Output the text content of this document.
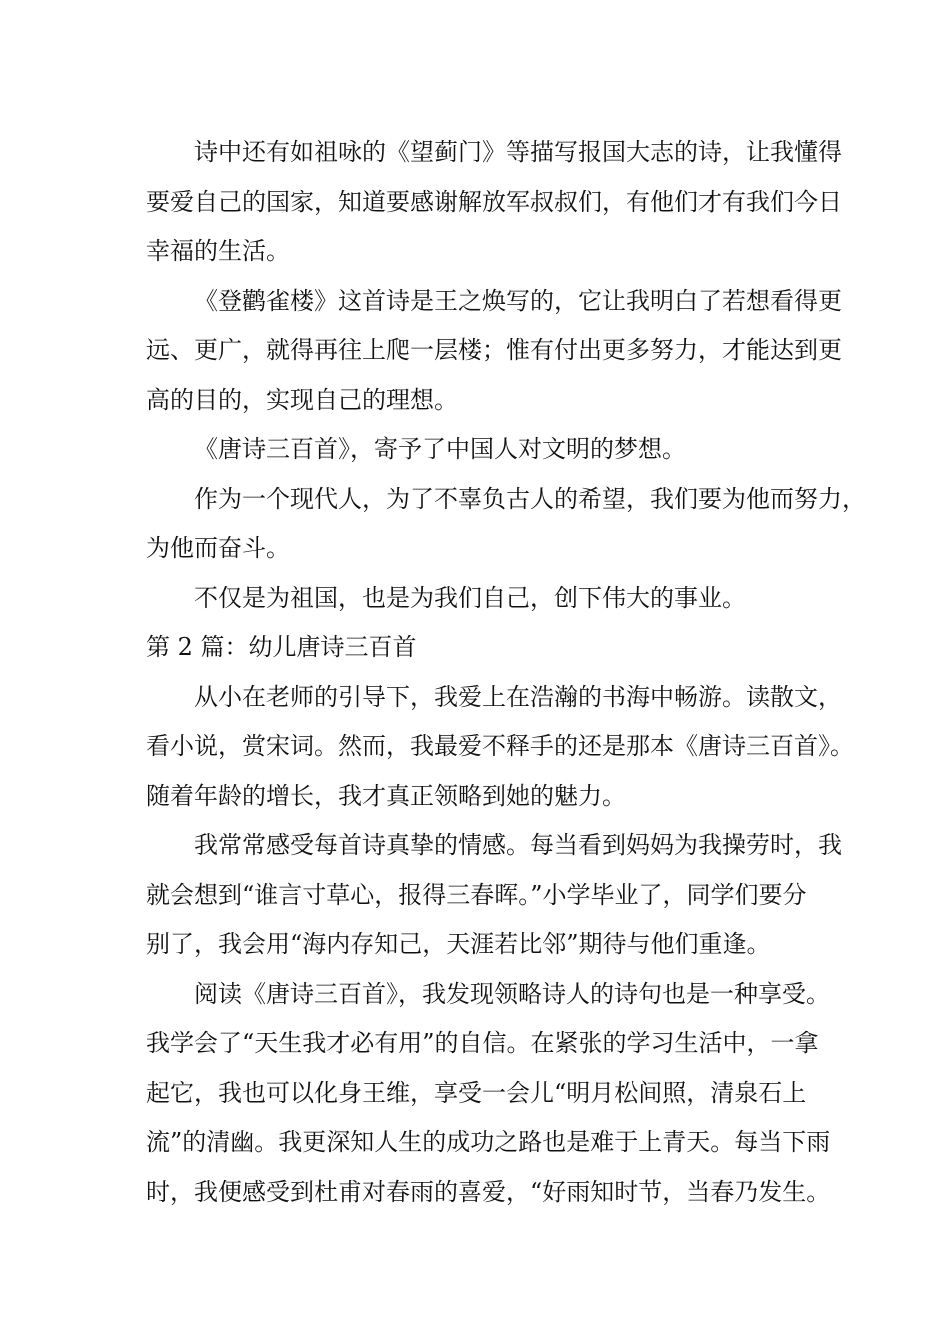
诗中还有如祖咏的《望蓟门》等描写报国大志的诗，让我懂得
要爱自己的国家，知道要感谢解放军叔叔们，有他们才有我们今日
幸福的生活。

《登鹳雀楼》这首诗是王之焕写的，它让我明白了若想看得更
远、更广，就得再往上爬一层楼；惟有付出更多努力，才能达到更
高的目的，实现自己的理想。

《唐诗三百首》，寄予了中国人对文明的梦想。

作为一个现代人，为了不辜负古人的希望，我们要为他而努力，
为他而奋斗。

不仅是为祖国，也是为我们自己，创下伟大的事业。

第 2 篇：幼儿唐诗三百首

从小在老师的引导下，我爱上在浩瀚的书海中畅游。读散文，
看小说，赏宋词。然而，我最爱不释手的还是那本《唐诗三百首》。
随着年龄的增长，我才真正领略到她的魅力。

我常常感受每首诗真挚的情感。每当看到妈妈为我操劳时，我
就会想到“谁言寸草心，报得三春晖。”小学毕业了，同学们要分
别了，我会用“海内存知己，天涯若比邻”期待与他们重逢。

阅读《唐诗三百首》，我发现领略诗人的诗句也是一种享受。
我学会了“天生我才必有用”的自信。在紧张的学习生活中，一拿
起它，我也可以化身王维，享受一会儿“明月松间照，清泉石上
流”的清幽。我更深知人生的成功之路也是难于上青天。每当下雨
时，我便感受到杜甫对春雨的喜爱，“好雨知时节，当春乃发生。
